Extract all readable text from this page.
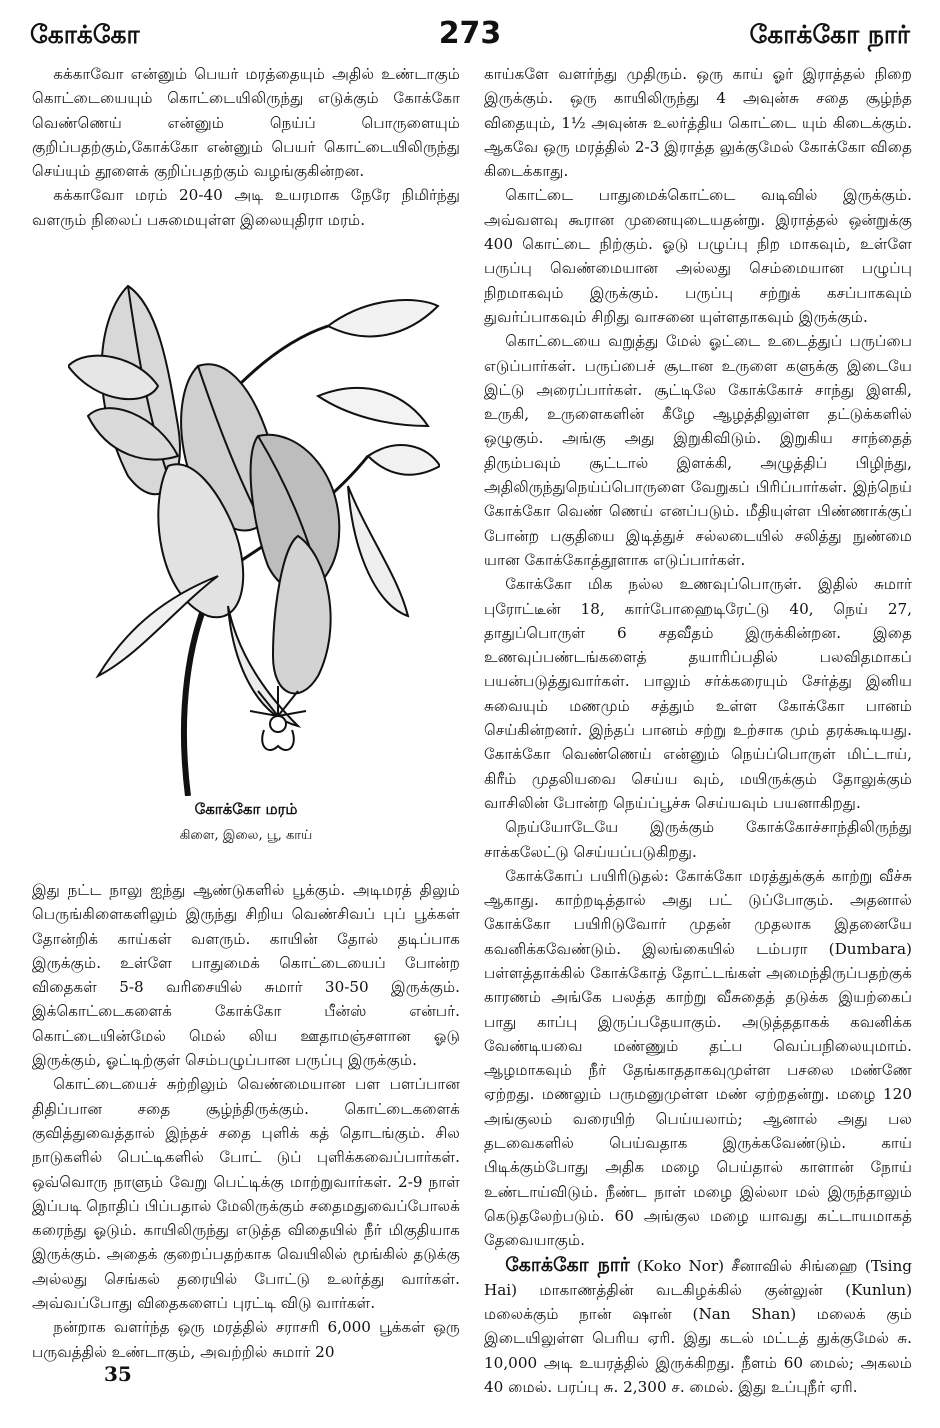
கோக்கோ	273	கோக்கோ நார்

கக்காவோ என்னும் பெயர் மரத்தையும் அதில் உண்டாகும் கொட்டையையும் கொட்டையிலிருந்து எடுக்கும் கோக்கோ வெண்ணெய் என்னும் நெய்ப் பொருளையும் குறிப்பதற்கும்,கோக்கோ என்னும் பெயர் கொட்டையிலிருந்து செய்யும் தூளைக் குறிப்பதற்கும் வழங்குகின்றன.

கக்காவோ மரம் 20-40 அடி உயரமாக நேரே நிமிர்ந்து வளரும் நிலைப் பசுமையுள்ள இலையுதிரா மரம்.

கோக்கோ மரம்
கிளை, இலை, பூ, காய்

இது நட்ட நாலு ஐந்து ஆண்டுகளில் பூக்கும். அடிமரத் திலும் பெருங்கிளைகளிலும் இருந்து சிறிய வெண்சிவப் புப் பூக்கள் தோன்றிக் காய்கள் வளரும். காயின் தோல் தடிப்பாக இருக்கும். உள்ளே பாதுமைக் கொட்டையைப் போன்ற விதைகள் 5-8 வரிசையில் சுமார் 30-50 இருக்கும். இக்கொட்டைகளைக் கோக்கோ பீன்ஸ் என்பர். கொட்டையின்மேல் மெல் லிய ஊதாமஞ்சளான ஓடு இருக்கும், ஓட்டிற்குள் செம்பழுப்பான பருப்பு இருக்கும்.

கொட்டையைச் சுற்றிலும் வெண்மையான பள பளப்பான திதிப்பான சதை சூழ்ந்திருக்கும். கொட்டைகளைக் குவித்துவைத்தால் இந்தச் சதை புளிக் கத் தொடங்கும். சில நாடுகளில் பெட்டிகளில் போட் டுப் புளிக்கவைப்பார்கள். ஒவ்வொரு நாளும் வேறு பெட்டிக்கு மாற்றுவார்கள். 2-9 நாள் இப்படி நொதிப் பிப்பதால் மேலிருக்கும் சதைமதுவைப்போலக் கரைந்து ஓடும். காயிலிருந்து எடுத்த விதையில் நீர் மிகுதியாக இருக்கும். அதைக் குறைப்பதற்காக வெயிலில் மூங்கில் தடுக்கு அல்லது செங்கல் தரையில் போட்டு உலர்த்து வார்கள். அவ்வப்போது விதைகளைப் புரட்டி விடு வார்கள்.

நன்றாக வளர்ந்த ஒரு மரத்தில் சராசரி 6,000 பூக்கள் ஒரு பருவத்தில் உண்டாகும், அவற்றில் சுமார் 20

காய்களே வளர்ந்து முதிரும். ஒரு காய் ஓர் இராத்தல் நிறை இருக்கும். ஒரு காயிலிருந்து 4 அவுன்சு சதை சூழ்ந்த விதையும், 1½ அவுன்சு உலர்த்திய கொட்டை யும் கிடைக்கும். ஆகவே ஒரு மரத்தில் 2-3 இராத்த லுக்குமேல் கோக்கோ விதை கிடைக்காது.

கொட்டை பாதுமைக்கொட்டை வடிவில் இருக்கும். அவ்வளவு கூரான முனையுடையதன்று. இராத்தல் ஒன்றுக்கு 400 கொட்டை நிற்கும். ஓடு பழுப்பு நிற மாகவும், உள்ளே பருப்பு வெண்மையான அல்லது செம்மையான பழுப்பு நிறமாகவும் இருக்கும். பருப்பு சற்றுக் கசப்பாகவும் துவர்ப்பாகவும் சிறிது வாசனை யுள்ளதாகவும் இருக்கும்.

கொட்டையை வறுத்து மேல் ஓட்டை உடைத்துப் பருப்பை எடுப்பார்கள். பருப்பைச் சூடான உருளை களுக்கு இடையே இட்டு அரைப்பார்கள். சூட்டிலே கோக்கோச் சாந்து இளகி, உருகி, உருளைகளின் கீழே ஆழத்திலுள்ள தட்டுக்களில் ஒழுகும். அங்கு அது இறுகிவிடும். இறுகிய சாந்தைத் திரும்பவும் சூட்டால் இளக்கி, அழுத்திப் பிழிந்து, அதிலிருந்துநெய்ப்பொருளை வேறுகப் பிரிப்பார்கள். இந்நெய் கோக்கோ வெண் ணெய் எனப்படும். மீதியுள்ள பிண்ணாக்குப் போன்ற பகுதியை இடித்துச் சல்லடையில் சலித்து நுண்மை யான கோக்கோத்தூளாக எடுப்பார்கள்.

கோக்கோ மிக நல்ல உணவுப்பொருள். இதில் சுமார் புரோட்டீன் 18, கார்போஹைடிரேட்டு 40, நெய் 27, தாதுப்பொருள் 6 சதவீதம் இருக்கின்றன. இதை உணவுப்பண்டங்களைத் தயாரிப்பதில் பலவிதமாகப் பயன்படுத்துவார்கள். பாலும் சர்க்கரையும் சேர்த்து இனிய சுவையும் மணமும் சத்தும் உள்ள கோக்கோ பானம் செய்கின்றனர். இந்தப் பானம் சற்று உற்சாக மும் தரக்கூடியது. கோக்கோ வெண்ணெய் என்னும் நெய்ப்பொருள் மிட்டாய், கிரீம் முதலியவை செய்ய வும், மயிருக்கும் தோலுக்கும் வாசிலின் போன்ற நெய்ப்பூச்சு செய்யவும் பயனாகிறது.

நெய்யோடேயே இருக்கும் கோக்கோச்சாந்திலிருந்து சாக்கலேட்டு செய்யப்படுகிறது.

கோக்கோப் பயிரிடுதல்: கோக்கோ மரத்துக்குக் காற்று வீச்சு ஆகாது. காற்றடித்தால் அது பட் டுப்போகும். அதனால் கோக்கோ பயிரிடுவோர் முதன் முதலாக இதனையே கவனிக்கவேண்டும். இலங்கையில் டம்பரா (Dumbara) பள்ளத்தாக்கில் கோக்கோத் தோட்டங்கள் அமைந்திருப்பதற்குக் காரணம் அங்கே பலத்த காற்று வீசுதைத் தடுக்க இயற்கைப் பாது காப்பு இருப்பதேயாகும். அடுத்ததாகக் கவனிக்க வேண்டியவை மண்ணும் தட்ப வெப்பநிலையுமாம். ஆழமாகவும் நீர் தேங்காததாகவுமுள்ள பசலை மண்ணே ஏற்றது. மணலும் பருமனுமுள்ள மண் ஏற்றதன்று. மழை 120 அங்குலம் வரையிற் பெய்யலாம்; ஆனால் அது பல தடவைகளில் பெய்வதாக இருக்கவேண்டும். காய் பிடிக்கும்போது அதிக மழை பெய்தால் காளான் நோய் உண்டாய்விடும். நீண்ட நாள் மழை இல்லா மல் இருந்தாலும் கெடுதலேற்படும். 60 அங்குல மழை யாவது கட்டாயமாகத் தேவையாகும்.

கோக்கோ நார் (Koko Nor) சீனாவில் சிங்ஹை (Tsing Hai) மாகாணத்தின் வடகிழக்கில் குன்லுன் (Kunlun) மலைக்கும் நான் ஷான் (Nan Shan) மலைக் கும் இடையிலுள்ள பெரிய ஏரி. இது கடல் மட்டத் துக்குமேல் சு. 10,000 அடி உயரத்தில் இருக்கிறது. நீளம் 60 மைல்; அகலம் 40 மைல். பரப்பு சு. 2,300 ச. மைல். இது உப்புநீர் ஏரி.

35
